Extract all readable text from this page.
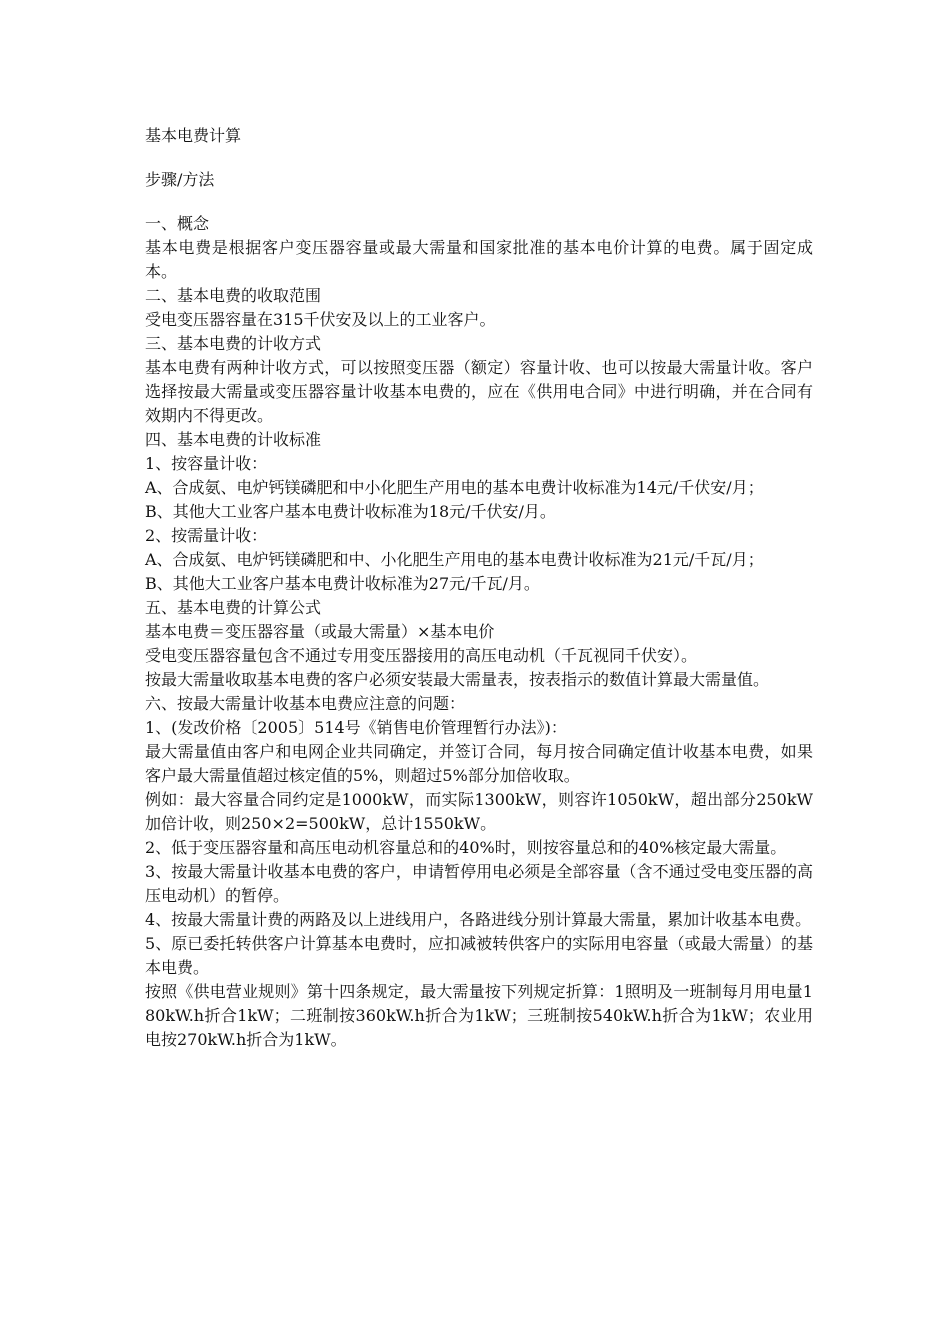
基本电费计算
步骤/方法

一、概念

基本电费是根据客户变压器容量或最大需量和国家批准的基本电价计算的电费。属于固定成本。

二、基本电费的收取范围

受电变压器容量在315千伏安及以上的工业客户。

三、基本电费的计收方式

基本电费有两种计收方式，可以按照变压器（额定）容量计收、也可以按最大需量计收。客户选择按最大需量或变压器容量计收基本电费的，应在《供用电合同》中进行明确，并在合同有效期内不得更改。

四、基本电费的计收标准

1、按容量计收：

A、合成氨、电炉钙镁磷肥和中小化肥生产用电的基本电费计收标准为14元/千伏安/月；

B、其他大工业客户基本电费计收标准为18元/千伏安/月。

2、按需量计收：

A、合成氨、电炉钙镁磷肥和中、小化肥生产用电的基本电费计收标准为21元/千瓦/月；

B、其他大工业客户基本电费计收标准为27元/千瓦/月。

五、基本电费的计算公式

基本电费＝变压器容量（或最大需量）×基本电价

受电变压器容量包含不通过专用变压器接用的高压电动机（千瓦视同千伏安）。

按最大需量收取基本电费的客户必须安装最大需量表，按表指示的数值计算最大需量值。

六、按最大需量计收基本电费应注意的问题：

1、(发改价格〔2005〕514号《销售电价管理暂行办法》)：

最大需量值由客户和电网企业共同确定，并签订合同，每月按合同确定值计收基本电费，如果客户最大需量值超过核定值的5%，则超过5%部分加倍收取。

例如：最大容量合同约定是1000kW，而实际1300kW，则容许1050kW，超出部分250kW加倍计收，则250×2=500kW，总计1550kW。

2、低于变压器容量和高压电动机容量总和的40%时，则按容量总和的40%核定最大需量。

3、按最大需量计收基本电费的客户，申请暂停用电必须是全部容量（含不通过受电变压器的高压电动机）的暂停。

4、按最大需量计费的两路及以上进线用户，各路进线分别计算最大需量，累加计收基本电费。

5、原已委托转供客户计算基本电费时，应扣减被转供客户的实际用电容量（或最大需量）的基本电费。

按照《供电营业规则》第十四条规定，最大需量按下列规定折算：1照明及一班制每月用电量180kW.h折合1kW；二班制按360kW.h折合为1kW；三班制按540kW.h折合为1kW；农业用电按270kW.h折合为1kW。
